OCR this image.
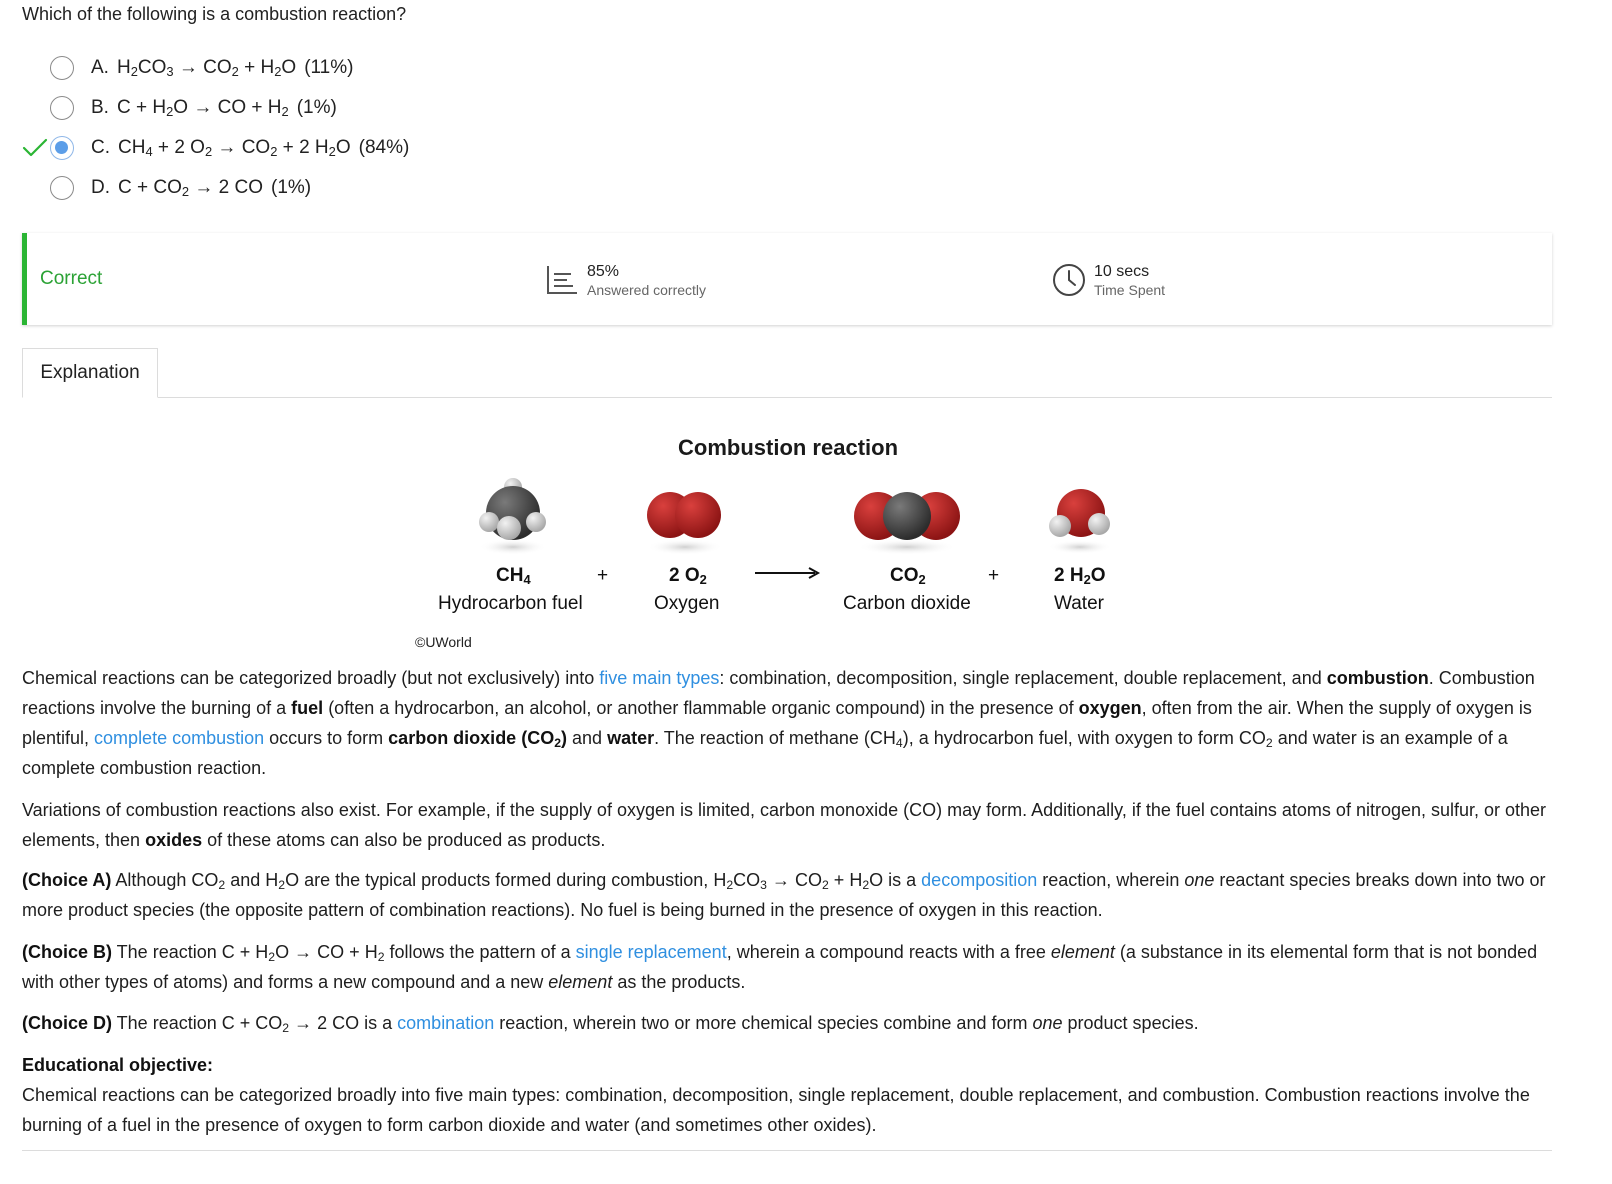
Which of the following is a combustion reaction?
A. $H_2CO_3 \to CO_2 + H_2O$ (11%)
B. $C + H_2O$ → CO + $H_2$ (1%)
C. $CH_4 + 2$ $O_2 \to CO_2 + 2$ $H_2O$ (84%)
D. $C + CO_2 \to 2$ CO (1%)
Correct	85%
Answered correctly
10 secs
Time Spent
Explanation
Combustion reaction
$CH_4$
Hydrocarbon fuel
+	2 $O_2$
Oxygen
$CO_2$
Carbon dioxide
+	2 $H_2O$
Water
©UWorld
Chemical reactions can be categorized broadly (but not exclusively) into five main types: combination, decomposition, single replacement, double replacement, and combustion. Combustion reactions involve the burning of a fuel (often a hydrocarbon, an alcohol, or another flammable organic compound) in the presence of oxygen, often from the air. When the supply of oxygen is plentiful, complete combustion occurs to form carbon dioxide $(CO_2)$ and water. The reaction of methane $(CH_4)$, a hydrocarbon fuel, with oxygen to form $CO_2$ and water is an example of a complete combustion reaction.
Variations of combustion reactions also exist. For example, if the supply of oxygen is limited, carbon monoxide (CO) may form. Additionally, if the fuel contains atoms of nitrogen, sulfur, or other elements, then oxides of these atoms can also be produced as products.
(Choice A) Although $CO_2$ and $H_2O$ are the typical products formed during combustion, $H_2CO_3 \to CO_2 + H_2O$ is a decomposition reaction, wherein one reactant species breaks down into two or more product species (the opposite pattern of combination reactions). No fuel is being burned in the presence of oxygen in this reaction.
(Choice B) The reaction $C + H_2O$ → CO + $H_2$ follows the pattern of a single replacement, wherein a compound reacts with a free element (a substance in its elemental form that is not bonded with other types of atoms) and forms a new compound and a new element as the products.
(Choice D) The reaction $C + CO_2 \to 2$ CO is a combination reaction, wherein two or more chemical species combine and form one product species.
Educational objective:
Chemical reactions can be categorized broadly into five main types: combination, decomposition, single replacement, double replacement, and combustion. Combustion reactions involve the burning of a fuel in the presence of oxygen to form carbon dioxide and water (and sometimes other oxides).
